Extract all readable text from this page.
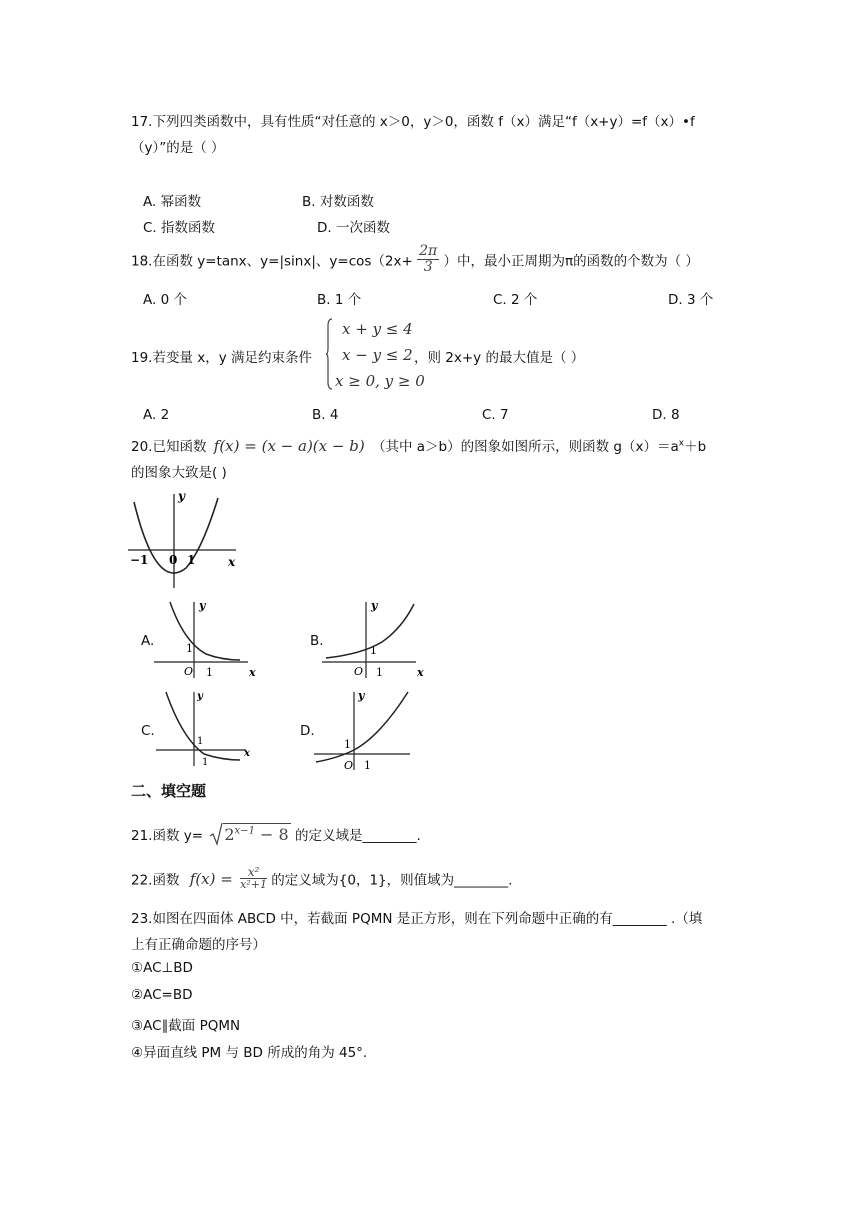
17.下列四类函数中，具有性质“对任意的 x＞0，y＞0，函数 f（x）满足“f（x+y）=f（x）•f
（y）”的是（ ）
A. 幂函数	B. 对数函数
C. 指数函数	D. 一次函数
18.在函数 y=tanx、y=|sinx|、$y=\cos(2x+ \frac{2\pi}{3}$ ）中，最小正周期为π的函数的个数为（ ）
A. 0 个	B. 1 个	C. 2 个	D. 3 个
19.若变量 x，y 满足约束条件
x + y ≤ 4
x − y ≤ 2
x ≥ 0, y ≥ 0
，则 2x+y 的最大值是（ ）
A. 2	B. 4	C. 7	D. 8
20.已知函数 f(x) = (x − a)(x − b) （其中 a＞b）的图象如图所示，则函数 $g(x)=a^x+b$
的图象大致是( )
y
x
−1 0 1
A.
y
x
1
O 1
B.
y
x
1
O 1
C.
y
x
1
1
D.
y
1
O 1
二、填空题
21.函数 $y= 2^{x-1} - 8$ 的定义域是________.
22.函数 $f(x) = \frac{\text{x²}}{\text{x²+1}}$ 的定义域为{0，1}，则值域为________.
23.如图在四面体 ABCD 中，若截面 PQMN 是正方形，则在下列命题中正确的有________ .（填
上有正确命题的序号）
①AC⊥BD
②AC=BD
③AC∥截面 PQMN
④异面直线 PM 与 BD 所成的角为 45°.
